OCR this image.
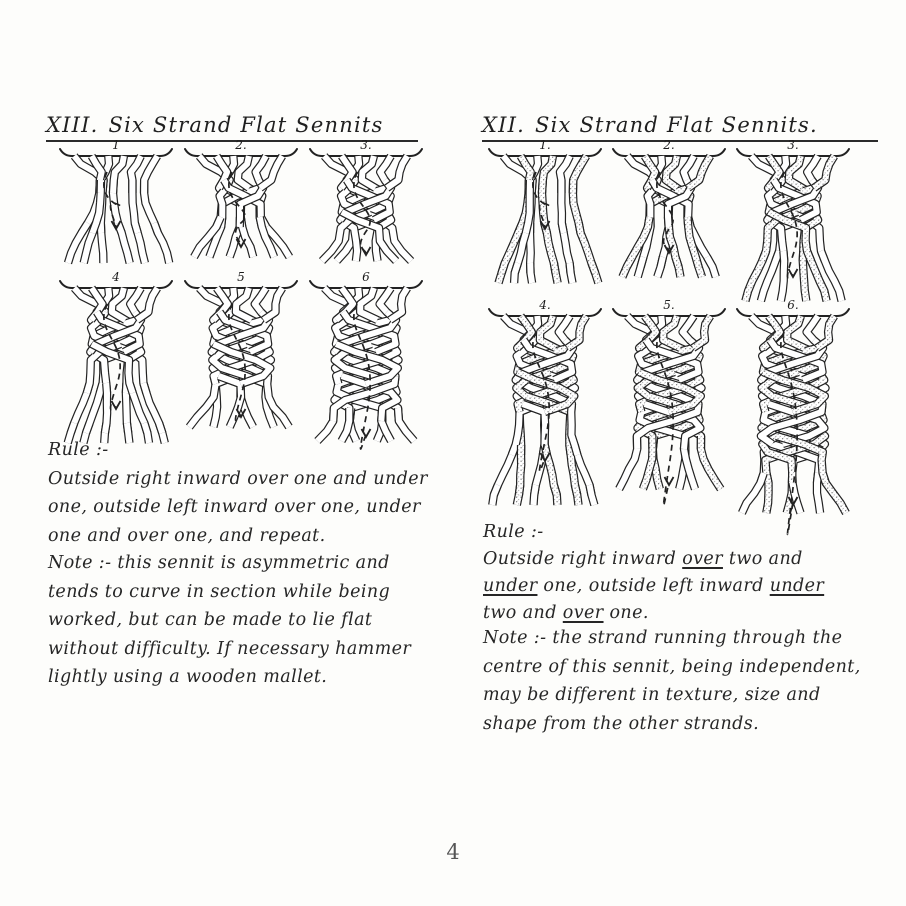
XIII. Six Strand Flat Sennits	XII. Six Strand Flat Sennits.
1	2.	3.
4	5	6
1.	2.	3.
4.	5.	6.
Rule :-
Outside right inward over one and under
one, outside left inward over one, under
one and over one, and repeat.
Note :- this sennit is asymmetric and
tends to curve in section while being
worked, but can be made to lie flat
without difficulty. If necessary hammer
lightly using a wooden mallet.
Rule :-
Outside right inward over two and
under one, outside left inward under
two and over one.
Note :- the strand running through the
centre of this sennit, being independent,
may be different in texture, size and
shape from the other strands.
4
